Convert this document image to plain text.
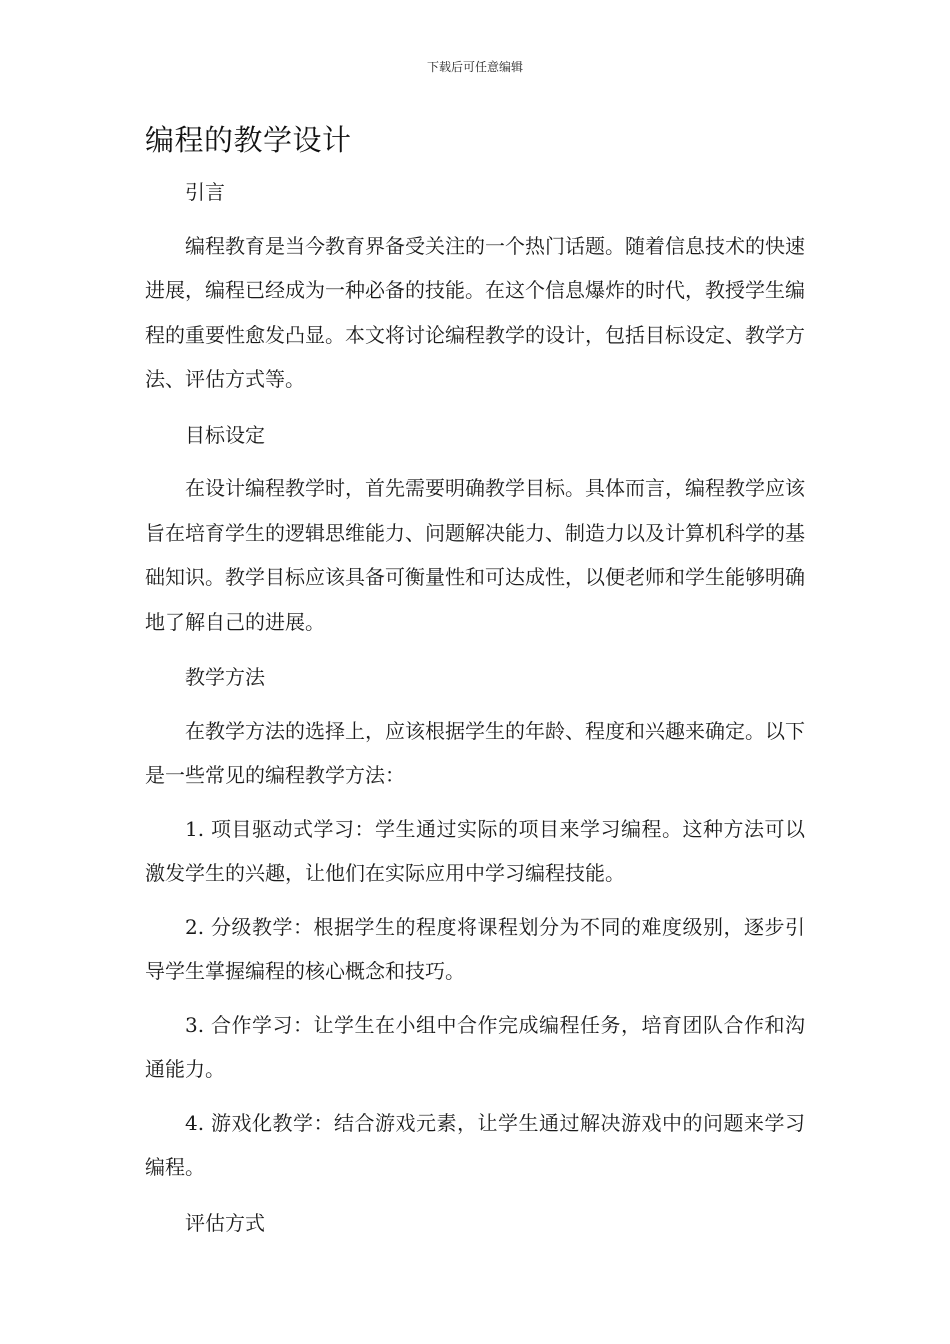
下载后可任意编辑
编程的教学设计

引言

编程教育是当今教育界备受关注的一个热门话题。随着信息技术的快速进展，编程已经成为一种必备的技能。在这个信息爆炸的时代，教授学生编程的重要性愈发凸显。本文将讨论编程教学的设计，包括目标设定、教学方法、评估方式等。

目标设定

在设计编程教学时，首先需要明确教学目标。具体而言，编程教学应该旨在培育学生的逻辑思维能力、问题解决能力、制造力以及计算机科学的基础知识。教学目标应该具备可衡量性和可达成性，以便老师和学生能够明确地了解自己的进展。

教学方法

在教学方法的选择上，应该根据学生的年龄、程度和兴趣来确定。以下是一些常见的编程教学方法：

1. 项目驱动式学习：学生通过实际的项目来学习编程。这种方法可以激发学生的兴趣，让他们在实际应用中学习编程技能。

2. 分级教学：根据学生的程度将课程划分为不同的难度级别，逐步引导学生掌握编程的核心概念和技巧。

3. 合作学习：让学生在小组中合作完成编程任务，培育团队合作和沟通能力。

4. 游戏化教学：结合游戏元素，让学生通过解决游戏中的问题来学习编程。

评估方式
